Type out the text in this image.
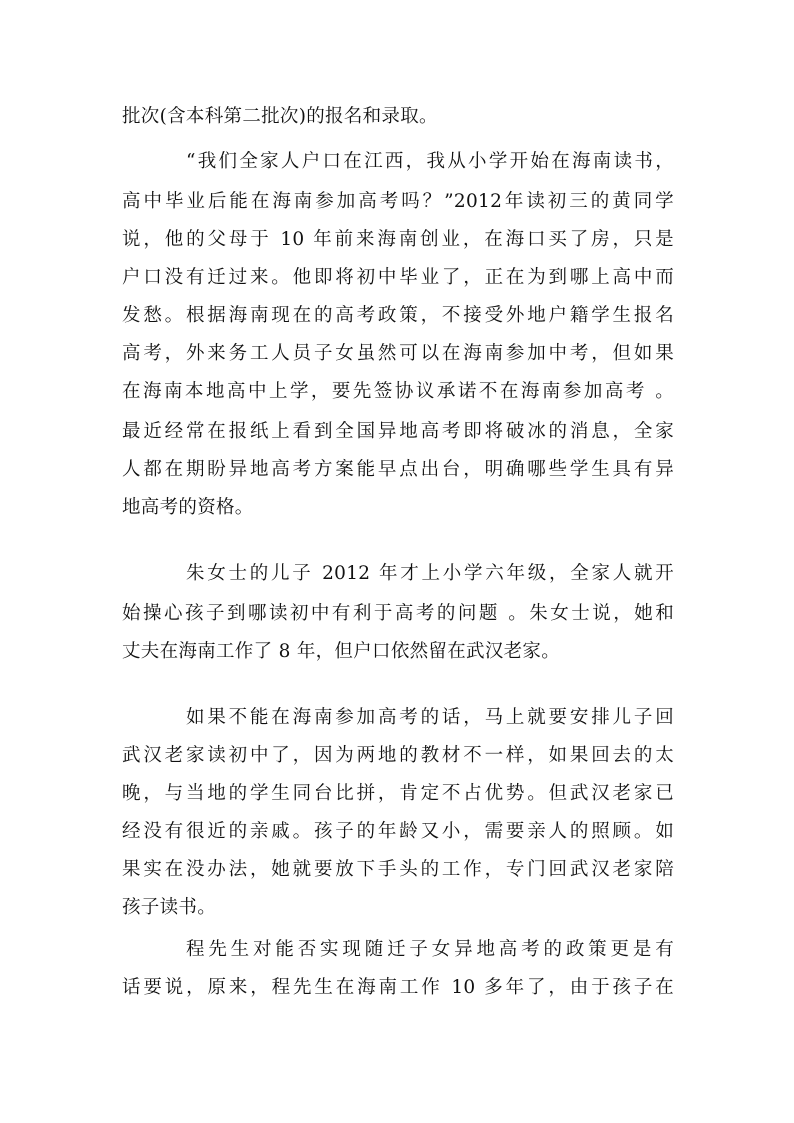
批次(含本科第二批次)的报名和录取。
“我们全家人户口在江西，我从小学开始在海南读书，
高中毕业后能在海南参加高考吗？”2012年读初三的黄同学
说，他的父母于 10 年前来海南创业，在海口买了房，只是
户口没有迁过来。他即将初中毕业了，正在为到哪上高中而
发愁。根据海南现在的高考政策，不接受外地户籍学生报名
高考，外来务工人员子女虽然可以在海南参加中考，但如果
在海南本地高中上学，要先签协议承诺不在海南参加高考 。
最近经常在报纸上看到全国异地高考即将破冰的消息，全家
人都在期盼异地高考方案能早点出台，明确哪些学生具有异
地高考的资格。
朱女士的儿子 2012 年才上小学六年级，全家人就开
始操心孩子到哪读初中有利于高考的问题 。朱女士说，她和
丈夫在海南工作了 8 年，但户口依然留在武汉老家。
如果不能在海南参加高考的话，马上就要安排儿子回
武汉老家读初中了，因为两地的教材不一样，如果回去的太
晚，与当地的学生同台比拼，肯定不占优势。但武汉老家已
经没有很近的亲戚。孩子的年龄又小，需要亲人的照顾。如
果实在没办法，她就要放下手头的工作，专门回武汉老家陪
孩子读书。
程先生对能否实现随迁子女异地高考的政策更是有
话要说，原来，程先生在海南工作 10 多年了，由于孩子在
